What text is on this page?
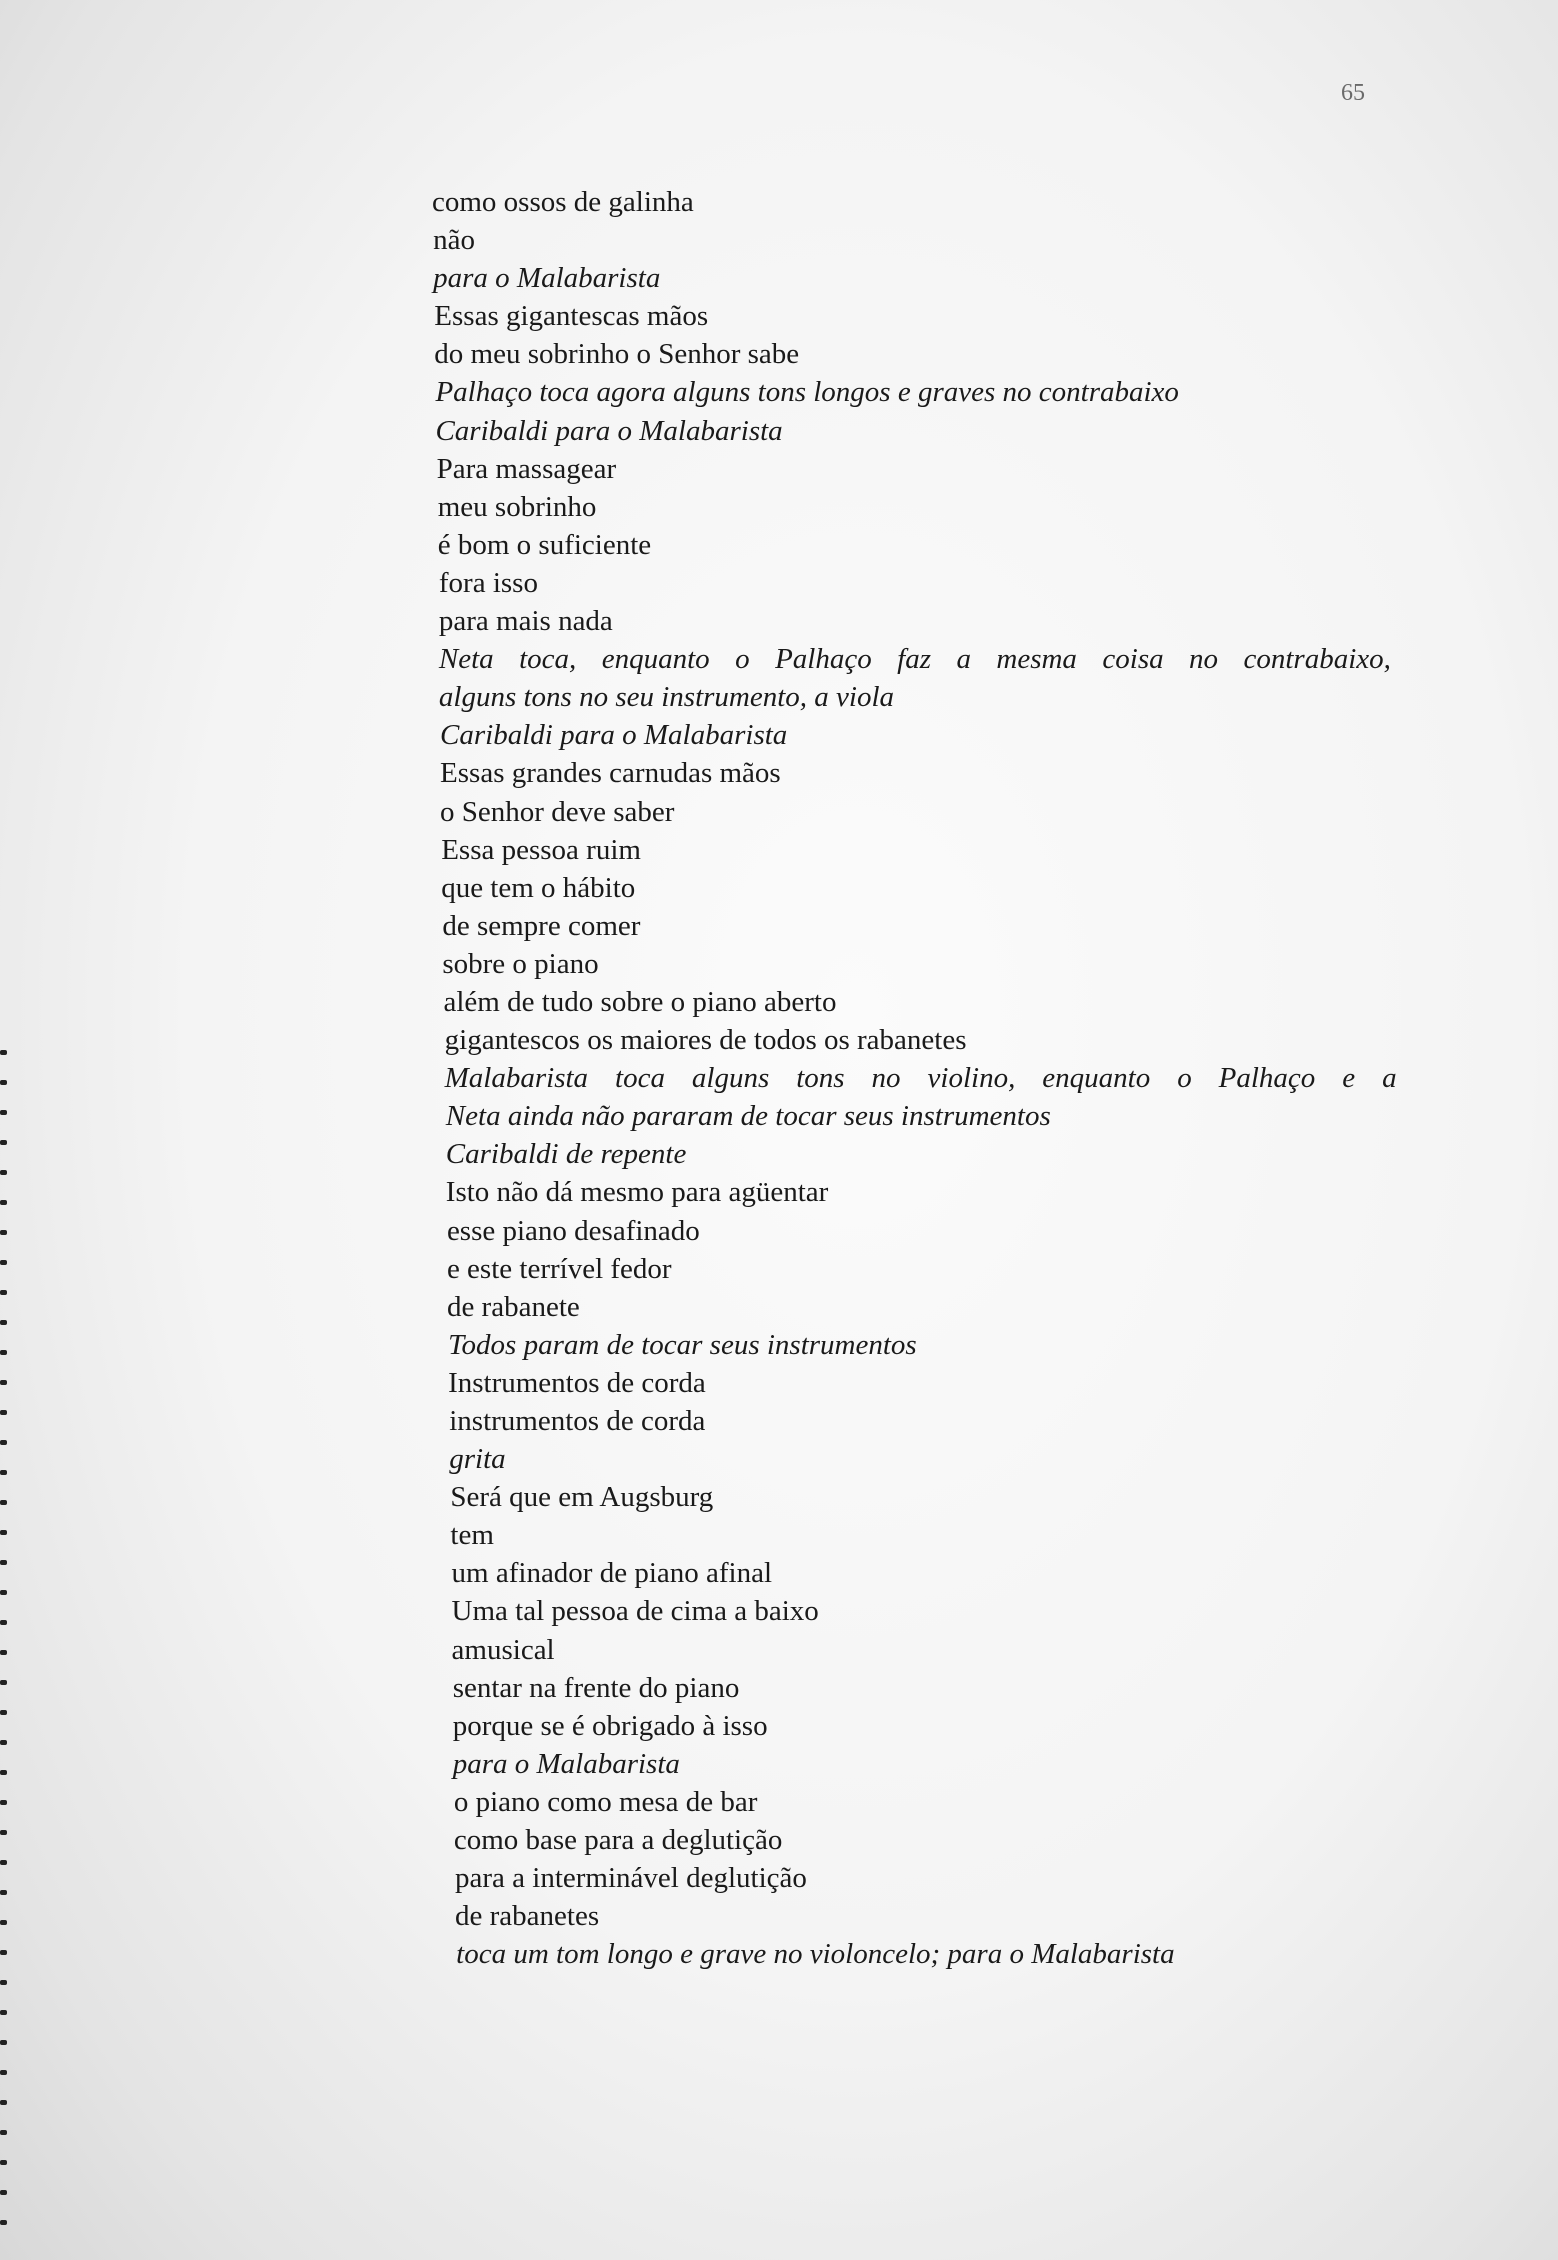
65
como ossos de galinha
não
para o Malabarista
Essas gigantescas mãos
do meu sobrinho o Senhor sabe
Palhaço toca agora alguns tons longos e graves no contrabaixo
Caribaldi para o Malabarista
Para massagear
meu sobrinho
é bom o suficiente
fora isso
para mais nada
Neta toca, enquanto o Palhaço faz a mesma coisa no contrabaixo,
alguns tons no seu instrumento, a viola
Caribaldi para o Malabarista
Essas grandes carnudas mãos
o Senhor deve saber
Essa pessoa ruim
que tem o hábito
de sempre comer
sobre o piano
além de tudo sobre o piano aberto
gigantescos os maiores de todos os rabanetes
Malabarista toca alguns tons no violino, enquanto o Palhaço e a
Neta ainda não pararam de tocar seus instrumentos
Caribaldi de repente
Isto não dá mesmo para agüentar
esse piano desafinado
e este terrível fedor
de rabanete
Todos param de tocar seus instrumentos
Instrumentos de corda
instrumentos de corda
grita
Será que em Augsburg
tem
um afinador de piano afinal
Uma tal pessoa de cima a baixo
amusical
sentar na frente do piano
porque se é obrigado à isso
para o Malabarista
o piano como mesa de bar
como base para a deglutição
para a interminável deglutição
de rabanetes
toca um tom longo e grave no violoncelo; para o Malabarista
